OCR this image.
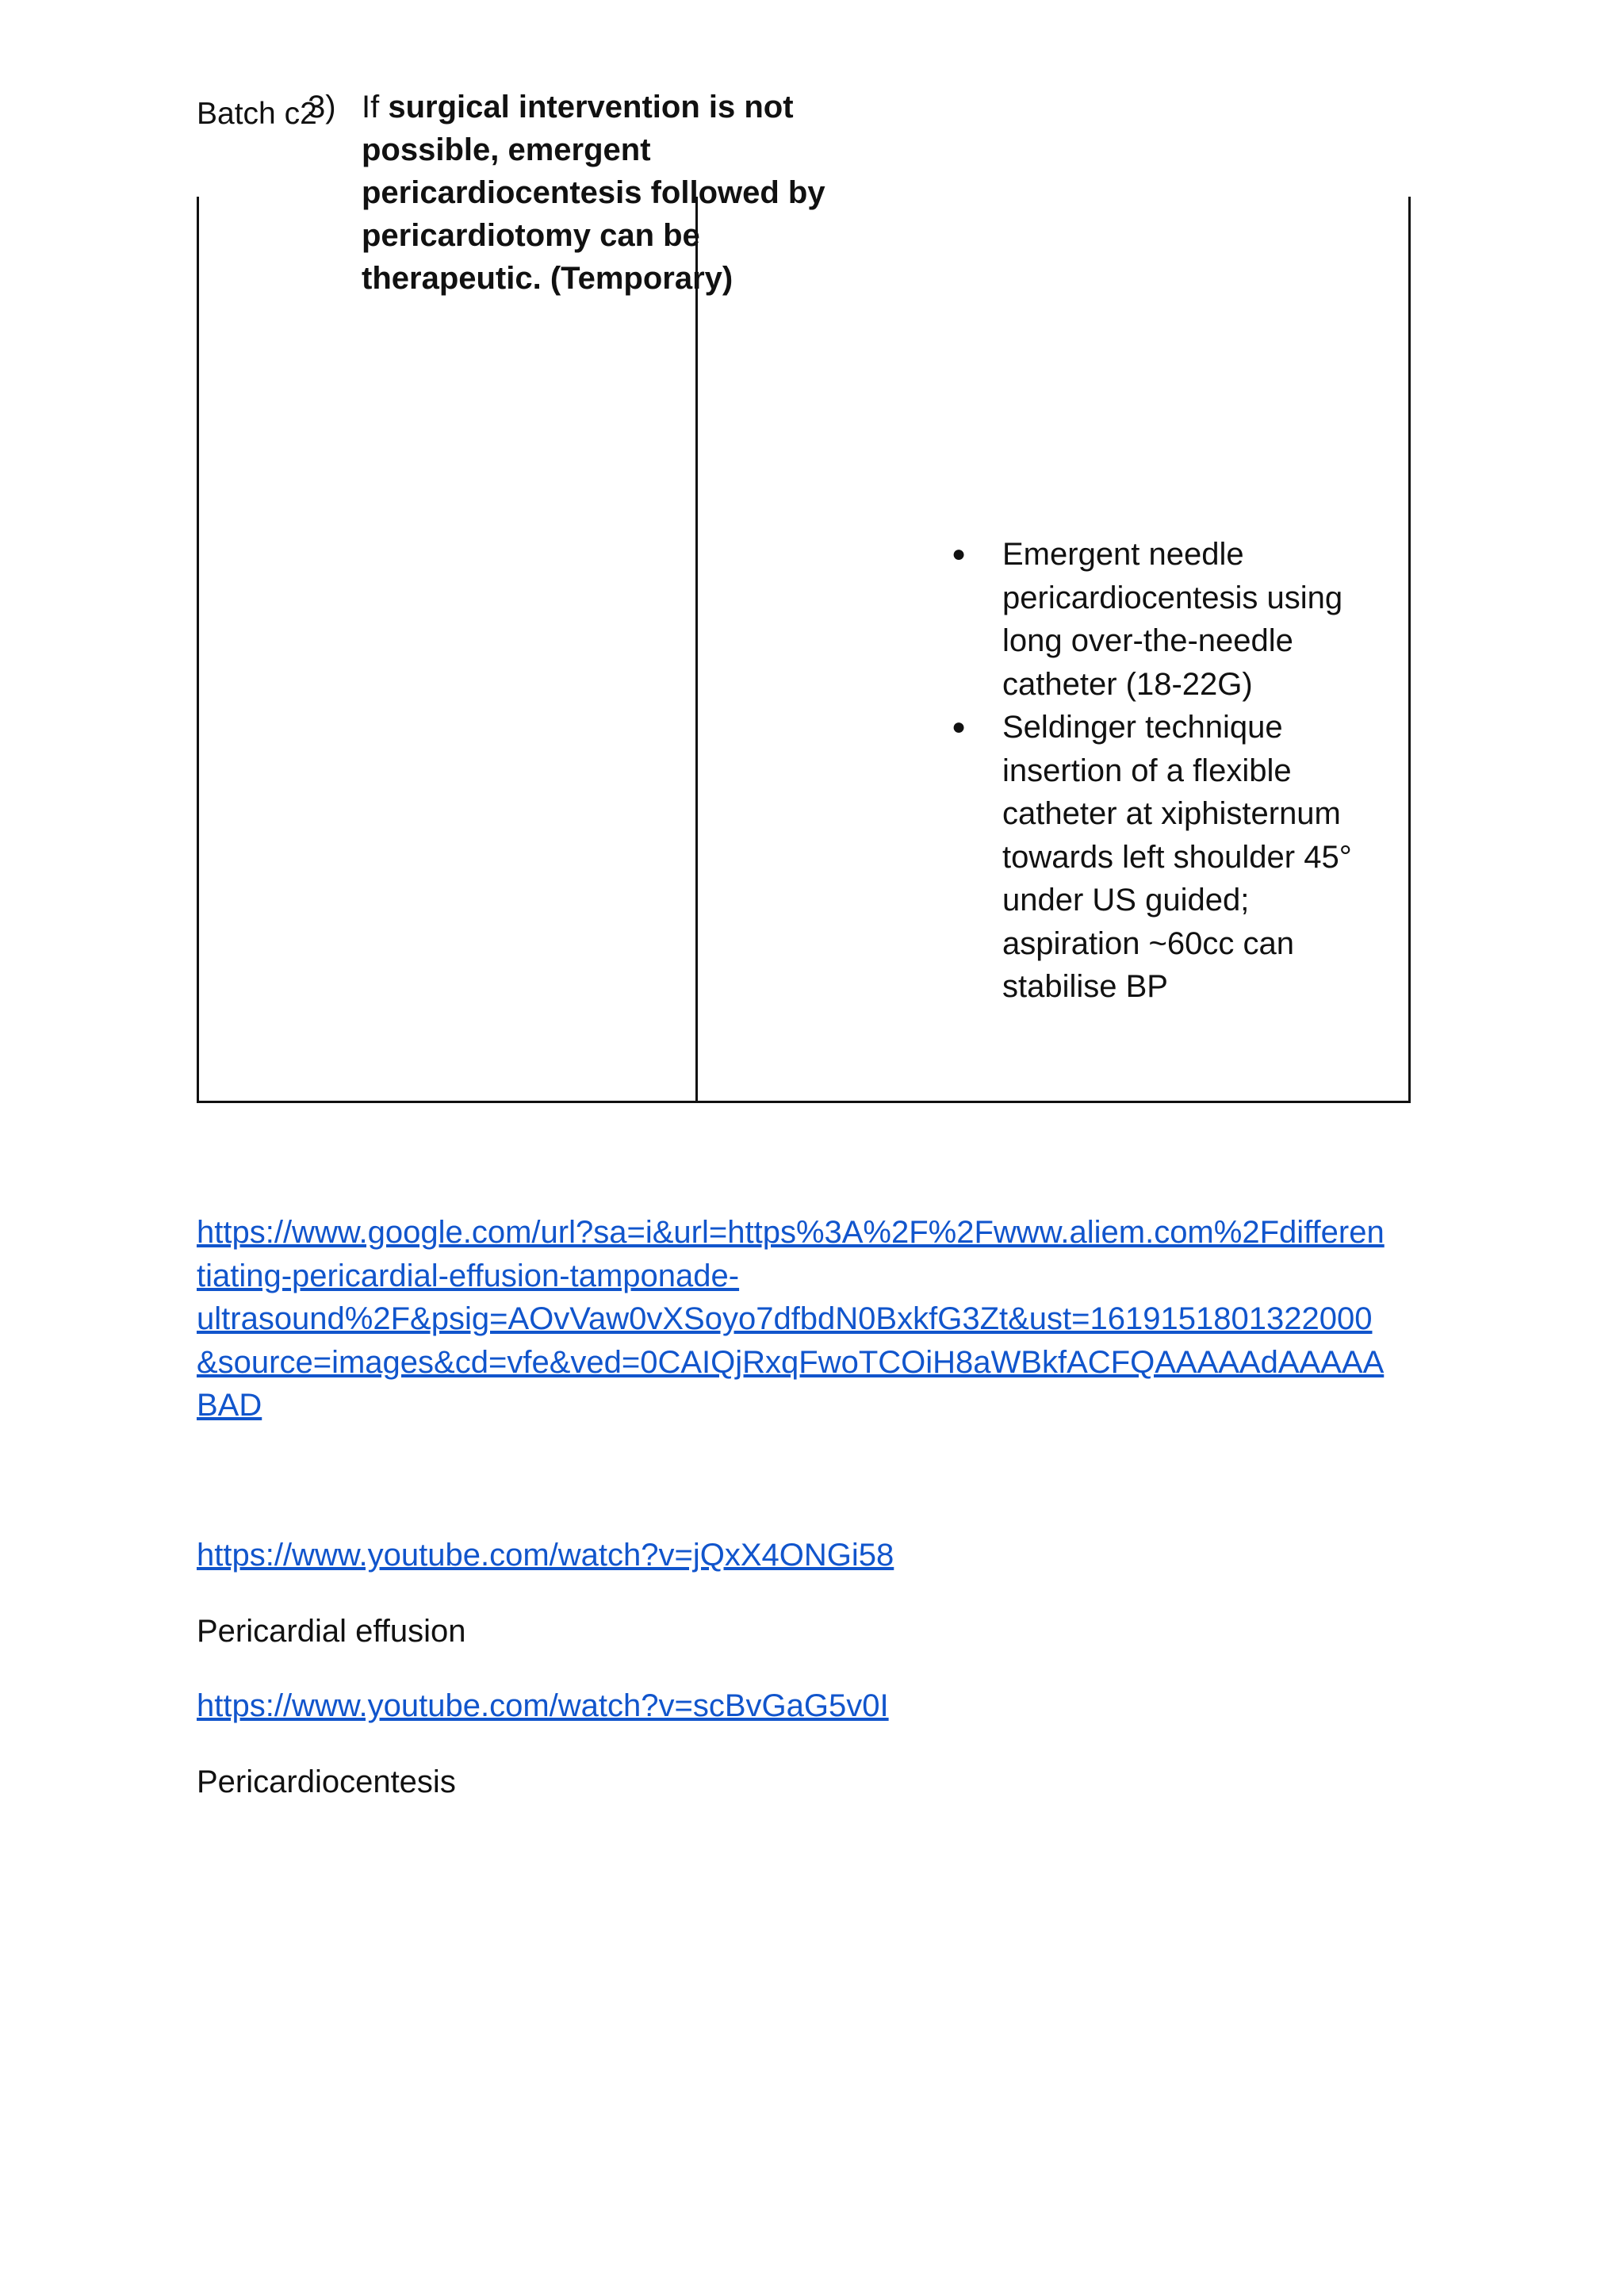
Batch c2
3) If surgical intervention is not
possible, emergent
pericardiocentesis followed by
pericardiotomy can be
therapeutic. (Temporary)
●	Emergent needle
pericardiocentesis using
long over-the-needle
catheter (18-22G)
●	Seldinger technique
insertion of a flexible
catheter at xiphisternum
towards left shoulder 45°
under US guided;
aspiration ~60cc can
stabilise BP
https://www.google.com/url?sa=i&url=https%3A%2F%2Fwww.aliem.com%2Fdifferen
tiating-pericardial-effusion-tamponade-
ultrasound%2F&psig=AOvVaw0vXSoyo7dfbdN0BxkfG3Zt&ust=1619151801322000
&source=images&cd=vfe&ved=0CAIQjRxqFwoTCOiH8aWBkfACFQAAAAAdAAAAA
BAD
https://www.youtube.com/watch?v=jQxX4ONGi58
Pericardial effusion
https://www.youtube.com/watch?v=scBvGaG5v0I
Pericardiocentesis
